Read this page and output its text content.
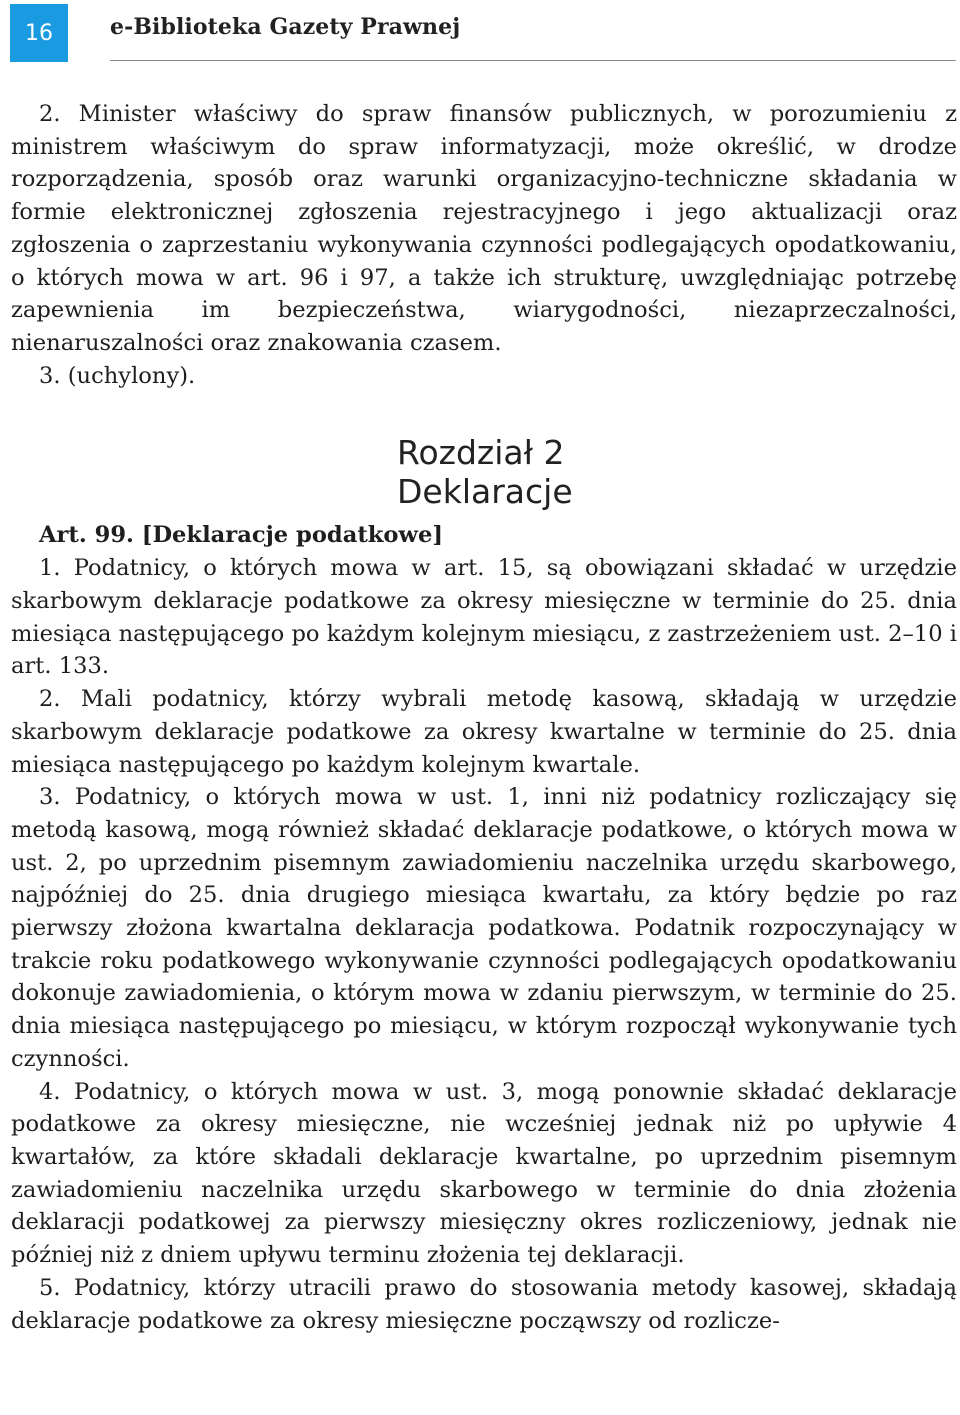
16	e-Biblioteka Gazety Prawnej

2. Minister właściwy do spraw finansów publicznych, w porozumieniu z ministrem właściwym do spraw informatyzacji, może określić, w drodze rozporządzenia, sposób oraz warunki organizacyjno-techniczne składania w formie elektronicznej zgłoszenia rejestracyjnego i jego aktualizacji oraz zgłoszenia o zaprzestaniu wykonywania czynności podlegających opodatkowaniu, o których mowa w art. 96 i 97, a także ich strukturę, uwzględniając potrzebę zapewnienia im bezpieczeństwa, wiarygodności, niezaprzeczalności, nienaruszalności oraz znakowania czasem.

3. (uchylony).

Rozdział 2
Deklaracje
Art. 99. [Deklaracje podatkowe]

1. Podatnicy, o których mowa w art. 15, są obowiązani składać w urzędzie skarbowym deklaracje podatkowe za okresy miesięczne w terminie do 25. dnia miesiąca następującego po każdym kolejnym miesiącu, z zastrzeżeniem ust. 2–10 i art. 133.

2. Mali podatnicy, którzy wybrali metodę kasową, składają w urzędzie skarbowym deklaracje podatkowe za okresy kwartalne w terminie do 25. dnia miesiąca następującego po każdym kolejnym kwartale.

3. Podatnicy, o których mowa w ust. 1, inni niż podatnicy rozliczający się metodą kasową, mogą również składać deklaracje podatkowe, o których mowa w ust. 2, po uprzednim pisemnym zawiadomieniu naczelnika urzędu skarbowego, najpóźniej do 25. dnia drugiego miesiąca kwartału, za który będzie po raz pierwszy złożona kwartalna deklaracja podatkowa. Podatnik rozpoczynający w trakcie roku podatkowego wykonywanie czynności podlegających opodatkowaniu dokonuje zawiadomienia, o którym mowa w zdaniu pierwszym, w terminie do 25. dnia miesiąca następującego po miesiącu, w którym rozpoczął wykonywanie tych czynności.

4. Podatnicy, o których mowa w ust. 3, mogą ponownie składać deklaracje podatkowe za okresy miesięczne, nie wcześniej jednak niż po upływie 4 kwartałów, za które składali deklaracje kwartalne, po uprzednim pisemnym zawiadomieniu naczelnika urzędu skarbowego w terminie do dnia złożenia deklaracji podatkowej za pierwszy miesięczny okres rozliczeniowy, jednak nie później niż z dniem upływu terminu złożenia tej deklaracji.

5. Podatnicy, którzy utracili prawo do stosowania metody kasowej, składają deklaracje podatkowe za okresy miesięczne począwszy od rozlicze-
